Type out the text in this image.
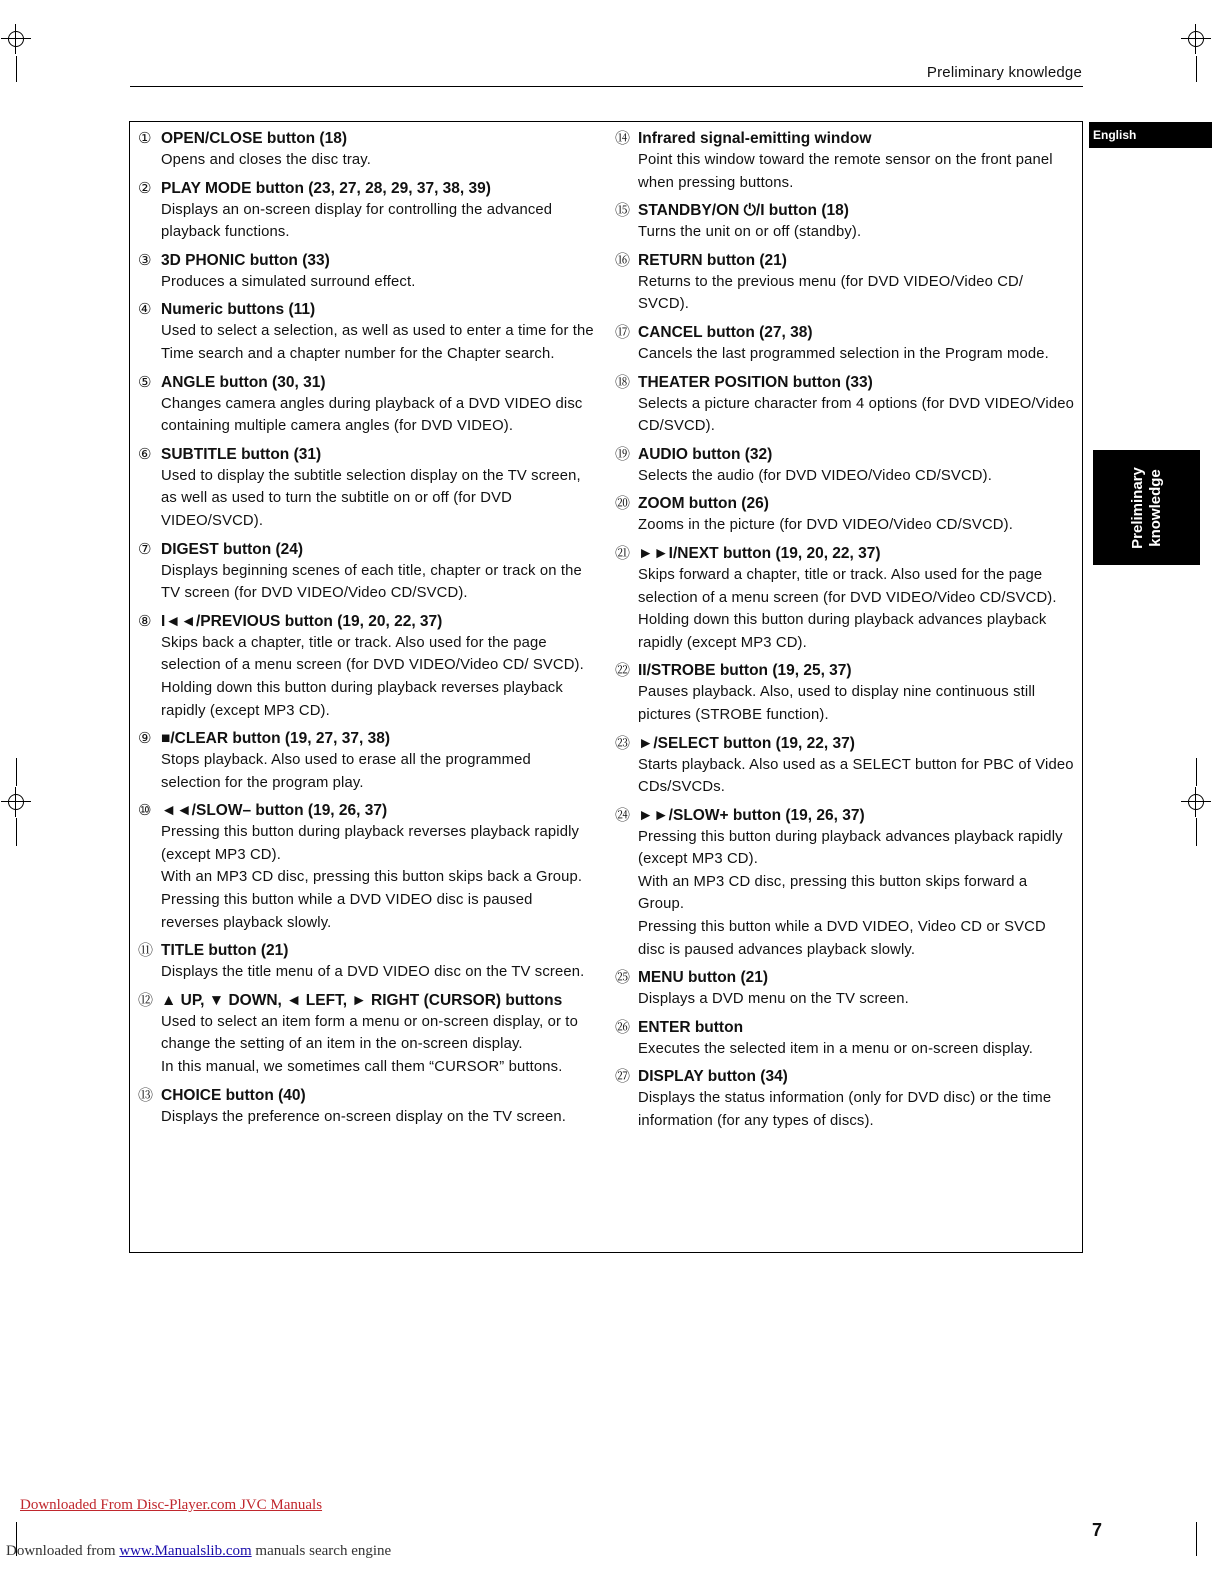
Preliminary knowledge
English
Preliminary
knowledge
① OPEN/CLOSE button (18)

Opens and closes the disc tray.

② PLAY MODE button (23, 27, 28, 29, 37, 38, 39)

Displays an on-screen display for controlling the advanced playback functions.

③ 3D PHONIC button (33)

Produces a simulated surround effect.

④ Numeric buttons (11)

Used to select a selection, as well as used to enter a time for the Time search and a chapter number for the Chapter search.

⑤ ANGLE button (30, 31)

Changes camera angles during playback of a DVD VIDEO disc containing multiple camera angles (for DVD VIDEO).

⑥ SUBTITLE button (31)

Used to display the subtitle selection display on the TV screen, as well as used to turn the subtitle on or off (for DVD VIDEO/SVCD).

⑦ DIGEST button (24)

Displays beginning scenes of each title, chapter or track on the TV screen (for DVD VIDEO/Video CD/SVCD).

⑧ I◄◄/PREVIOUS button (19, 20, 22, 37)

Skips back a chapter, title or track. Also used for the page selection of a menu screen (for DVD VIDEO/Video CD/ SVCD).

Holding down this button during playback reverses playback rapidly (except MP3 CD).

⑨ ■/CLEAR button (19, 27, 37, 38)

Stops playback. Also used to erase all the programmed selection for the program play.

⑩ ◄◄/SLOW– button (19, 26, 37)

Pressing this button during playback reverses playback rapidly (except MP3 CD).

With an MP3 CD disc, pressing this button skips back a Group.

Pressing this button while a DVD VIDEO disc is paused reverses playback slowly.

⑪ TITLE button (21)

Displays the title menu of a DVD VIDEO disc on the TV screen.

⑫ ▲ UP, ▼ DOWN, ◄ LEFT, ► RIGHT (CURSOR) buttons

Used to select an item form a menu or on-screen display, or to change the setting of an item in the on-screen display.

In this manual, we sometimes call them “CURSOR” buttons.

⑬ CHOICE button (40)

Displays the preference on-screen display on the TV screen.

⑭ Infrared signal-emitting window

Point this window toward the remote sensor on the front panel when pressing buttons.

⑮ STANDBY/ON ⏻/I button (18)

Turns the unit on or off (standby).

⑯ RETURN button (21)

Returns to the previous menu (for DVD VIDEO/Video CD/ SVCD).

⑰ CANCEL button (27, 38)

Cancels the last programmed selection in the Program mode.

⑱ THEATER POSITION button (33)

Selects a picture character from 4 options (for DVD VIDEO/Video CD/SVCD).

⑲ AUDIO button (32)

Selects the audio (for DVD VIDEO/Video CD/SVCD).

⑳ ZOOM button (26)

Zooms in the picture (for DVD VIDEO/Video CD/SVCD).

㉑ ►►I/NEXT button (19, 20, 22, 37)

Skips forward a chapter, title or track. Also used for the page selection of a menu screen (for DVD VIDEO/Video CD/SVCD).

Holding down this button during playback advances playback rapidly (except MP3 CD).

㉒ II/STROBE button (19, 25, 37)

Pauses playback. Also, used to display nine continuous still pictures (STROBE function).

㉓ ►/SELECT button (19, 22, 37)

Starts playback. Also used as a SELECT button for PBC of Video CDs/SVCDs.

㉔ ►►/SLOW+ button (19, 26, 37)

Pressing this button during playback advances playback rapidly (except MP3 CD).

With an MP3 CD disc, pressing this button skips forward a Group.

Pressing this button while a DVD VIDEO, Video CD or SVCD disc is paused advances playback slowly.

㉕ MENU button (21)

Displays a DVD menu on the TV screen.

㉖ ENTER button

Executes the selected item in a menu or on-screen display.

㉗ DISPLAY button (34)

Displays the status information (only for DVD disc) or the time information (for any types of discs).

Downloaded From Disc-Player.com JVC Manuals
Downloaded from www.Manualslib.com manuals search engine
7
